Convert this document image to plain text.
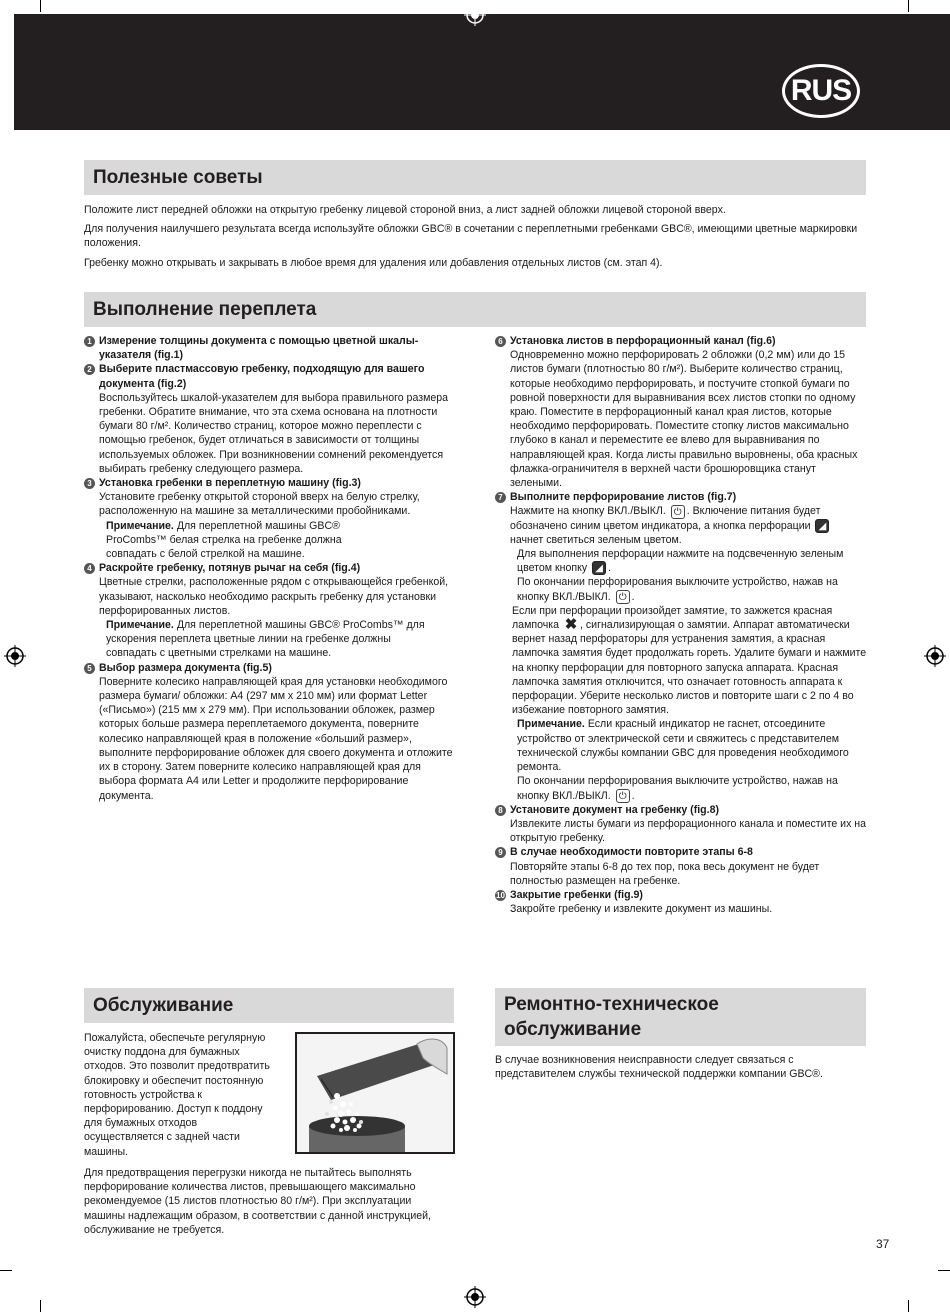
RUS
Полезные советы

Положите лист передней обложки на открытую гребенку лицевой стороной вниз, а лист задней обложки лицевой стороной вверх.

Для получения наилучшего результата всегда используйте обложки GBC® в сочетании с переплетными гребенками GBC®, имеющими цветные маркировки положения.

Гребенку можно открывать и закрывать в любое время для удаления или добавления отдельных листов (см. этап 4).

Выполнение переплета
1 Измерение толщины документа с помощью цветной шкалы-указателя (fig.1)
2 Выберите пластмассовую гребенку, подходящую для вашего документа (fig.2)
Воспользуйтесь шкалой-указателем для выбора правильного размера гребенки. Обратите внимание, что эта схема основана на плотности бумаги 80 г/м². Количество страниц, которое можно переплести с помощью гребенок, будет отличаться в зависимости от толщины используемых обложек. При возникновении сомнений рекомендуется выбирать гребенку следующего размера.
3 Установка гребенки в переплетную машину (fig.3)
Установите гребенку открытой стороной вверх на белую стрелку, расположенную на машине за металлическими пробойниками.
Примечание. Для переплетной машины GBC® ProCombs™ белая стрелка на гребенке должна совпадать с белой стрелкой на машине.
4 Раскройте гребенку, потянув рычаг на себя (fig.4)
Цветные стрелки, расположенные рядом с открывающейся гребенкой, указывают, насколько необходимо раскрыть гребенку для установки перфорированных листов.
Примечание. Для переплетной машины GBC® ProCombs™ для ускорения переплета цветные линии на гребенке должны совпадать с цветными стрелками на машине.
5 Выбор размера документа (fig.5)
Поверните колесико направляющей края для установки необходимого размера бумаги/ обложки: A4 (297 мм x 210 мм) или формат Letter («Письмо») (215 мм x 279 мм). При использовании обложек, размер которых больше размера переплетаемого документа, поверните колесико направляющей края в положение «больший размер», выполните перфорирование обложек для своего документа и отложите их в сторону. Затем поверните колесико направляющей края для выбора формата A4 или Letter и продолжите перфорирование документа.
6 Установка листов в перфорационный канал (fig.6)
Одновременно можно перфорировать 2 обложки (0,2 мм) или до 15 листов бумаги (плотностью 80 г/м²). Выберите количество страниц, которые необходимо перфорировать, и постучите стопкой бумаги по ровной поверхности для выравнивания всех листов стопки по одному краю. Поместите в перфорационный канал края листов, которые необходимо перфорировать. Поместите стопку листов максимально глубоко в канал и переместите ее влево для выравнивания по направляющей края. Когда листы правильно выровнены, оба красных флажка-ограничителя в верхней части брошюровщика станут зелеными.
7 Выполните перфорирование листов (fig.7)
Нажмите на кнопку ВКЛ./ВЫКЛ. ⏻ . Включение питания будет обозначено синим цветом индикатора, а кнопка перфорации ◢ начнет светиться зеленым цветом.
Для выполнения перфорации нажмите на подсвеченную зеленым цветом кнопку ◢ .
По окончании перфорирования выключите устройство, нажав на кнопку ВКЛ./ВЫКЛ. ⏻ .
Если при перфорации произойдет замятие, то зажжется красная лампочка ✖ , сигнализирующая о замятии. Аппарат автоматически вернет назад перфораторы для устранения замятия, а красная лампочка замятия будет продолжать гореть. Удалите бумаги и нажмите на кнопку перфорации для повторного запуска аппарата. Красная лампочка замятия отключится, что означает готовность аппарата к перфорации. Уберите несколько листов и повторите шаги с 2 по 4 во избежание повторного замятия.
Примечание. Если красный индикатор не гаснет, отсоедините устройство от электрической сети и свяжитесь с представителем технической службы компании GBC для проведения необходимого ремонта.
По окончании перфорирования выключите устройство, нажав на кнопку ВКЛ./ВЫКЛ. ⏻ .
8 Установите документ на гребенку (fig.8)
Извлеките листы бумаги из перфорационного канала и поместите их на открытую гребенку.
9 В случае необходимости повторите этапы 6-8
Повторяйте этапы 6-8 до тех пор, пока весь документ не будет полностью размещен на гребенке.
10 Закрытие гребенки (fig.9)
Закройте гребенку и извлеките документ из машины.
Обслуживание
Пожалуйста, обеспечьте регулярную очистку поддона для бумажных отходов. Это позволит предотвратить блокировку и обеспечит постоянную готовность устройства к перфорированию. Доступ к поддону для бумажных отходов осуществляется с задней части машины.
Для предотвращения перегрузки никогда не пытайтесь выполнять перфорирование количества листов, превышающего максимально рекомендуемое (15 листов плотностью 80 г/м²). При эксплуатации машины надлежащим образом, в соответствии с данной инструкцией, обслуживание не требуется.
Ремонтно-техническое
обслуживание
В случае возникновения неисправности следует связаться с представителем службы технической поддержки компании GBC®.
37
